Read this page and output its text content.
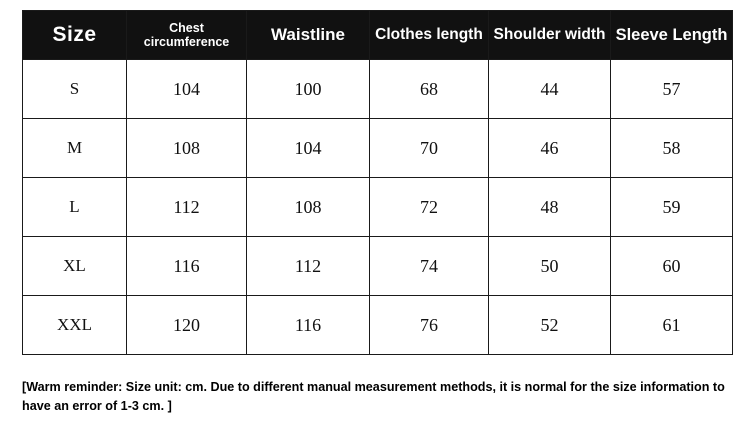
Size	Chest circumference	Waistline	Clothes length	Shoulder width	Sleeve Length

S	104	100	68	44	57
M	108	104	70	46	58
L	112	108	72	48	59
XL	116	112	74	50	60
XXL	120	116	76	52	61
[Warm reminder: Size unit: cm. Due to different manual measurement methods, it is normal for the size information to have an error of 1-3 cm. ]
